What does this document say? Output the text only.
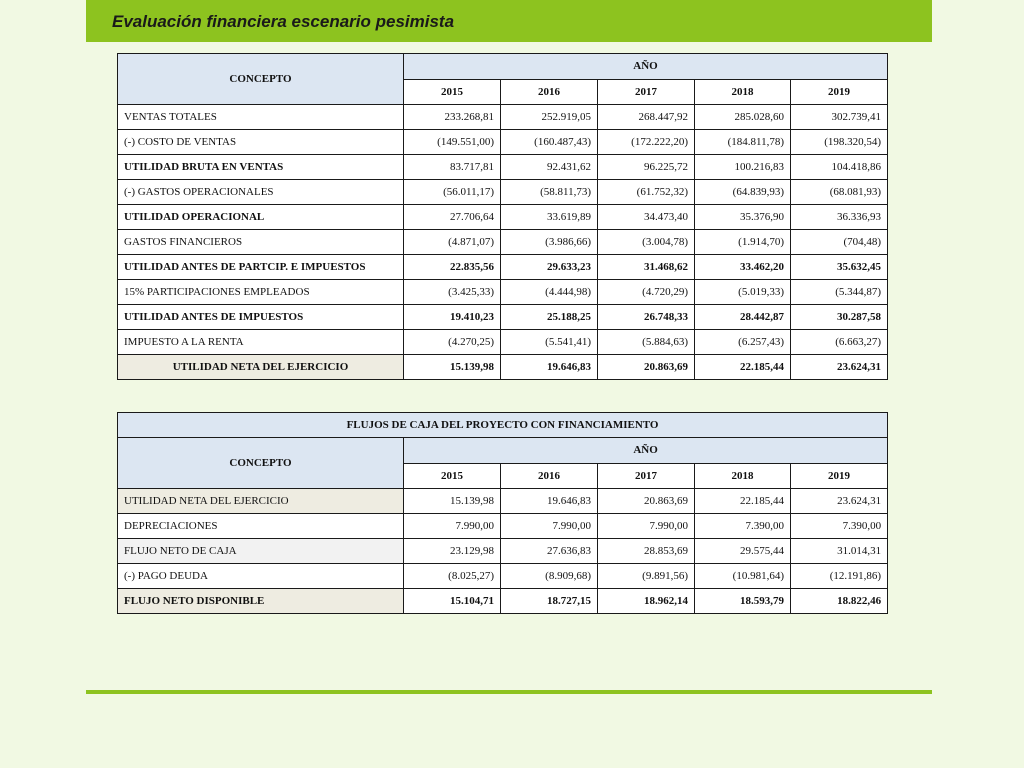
Evaluación financiera escenario pesimista
CONCEPTO	AÑO				
	2015	2016	2017	2018	2019
VENTAS TOTALES	233.268,81	252.919,05	268.447,92	285.028,60	302.739,41
(-) COSTO DE VENTAS	(149.551,00)	(160.487,43)	(172.222,20)	(184.811,78)	(198.320,54)
UTILIDAD BRUTA EN VENTAS	83.717,81	92.431,62	96.225,72	100.216,83	104.418,86
(-) GASTOS OPERACIONALES	(56.011,17)	(58.811,73)	(61.752,32)	(64.839,93)	(68.081,93)
UTILIDAD OPERACIONAL	27.706,64	33.619,89	34.473,40	35.376,90	36.336,93
GASTOS FINANCIEROS	(4.871,07)	(3.986,66)	(3.004,78)	(1.914,70)	(704,48)
UTILIDAD ANTES DE PARTCIP. E IMPUESTOS	22.835,56	29.633,23	31.468,62	33.462,20	35.632,45
15% PARTICIPACIONES EMPLEADOS	(3.425,33)	(4.444,98)	(4.720,29)	(5.019,33)	(5.344,87)
UTILIDAD ANTES DE IMPUESTOS	19.410,23	25.188,25	26.748,33	28.442,87	30.287,58
IMPUESTO A LA RENTA	(4.270,25)	(5.541,41)	(5.884,63)	(6.257,43)	(6.663,27)
UTILIDAD NETA DEL EJERCICIO	15.139,98	19.646,83	20.863,69	22.185,44	23.624,31
FLUJOS DE CAJA DEL PROYECTO CON FINANCIAMIENTO					
CONCEPTO	AÑO				
	2015	2016	2017	2018	2019
UTILIDAD NETA DEL EJERCICIO	15.139,98	19.646,83	20.863,69	22.185,44	23.624,31
DEPRECIACIONES	7.990,00	7.990,00	7.990,00	7.390,00	7.390,00
FLUJO NETO DE CAJA	23.129,98	27.636,83	28.853,69	29.575,44	31.014,31
(-) PAGO DEUDA	(8.025,27)	(8.909,68)	(9.891,56)	(10.981,64)	(12.191,86)
FLUJO NETO DISPONIBLE	15.104,71	18.727,15	18.962,14	18.593,79	18.822,46
